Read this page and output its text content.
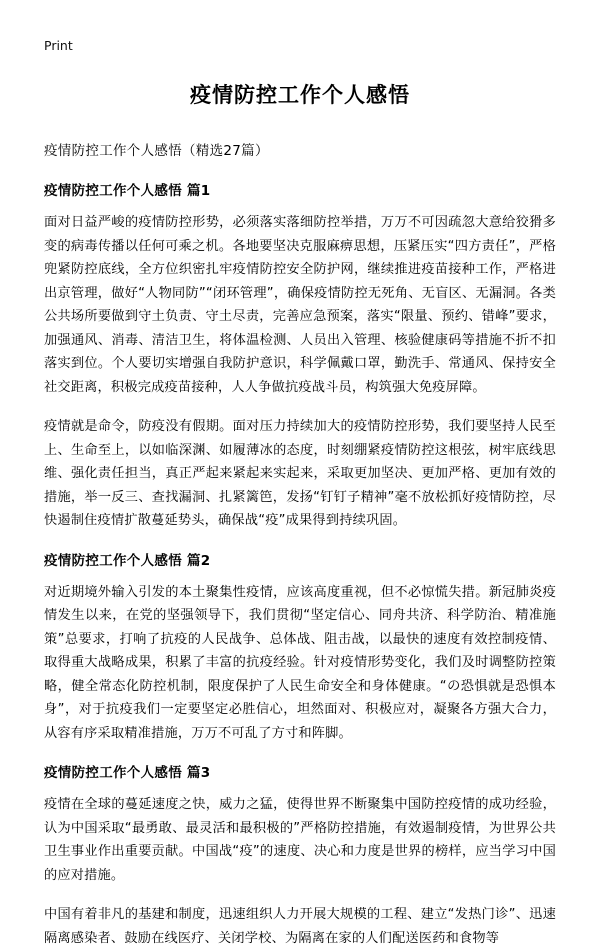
Print
疫情防控工作个人感悟
疫情防控工作个人感悟（精选27篇）
疫情防控工作个人感悟 篇1

面对日益严峻的疫情防控形势，必须落实落细防控举措，万万不可因疏忽大意给狡猾多变的病毒传播以任何可乘之机。各地要坚决克服麻痹思想，压紧压实“四方责任”，严格兜紧防控底线，全方位织密扎牢疫情防控安全防护网，继续推进疫苗接种工作，严格进出京管理，做好“人物同防”“闭环管理”，确保疫情防控无死角、无盲区、无漏洞。各类公共场所要做到守土负责、守土尽责，完善应急预案，落实“限量、预约、错峰”要求，加强通风、消毒、清洁卫生，将体温检测、人员出入管理、核验健康码等措施不折不扣落实到位。个人要切实增强自我防护意识，科学佩戴口罩，勤洗手、常通风、保持安全社交距离，积极完成疫苗接种，人人争做抗疫战斗员，构筑强大免疫屏障。

疫情就是命令，防疫没有假期。面对压力持续加大的疫情防控形势，我们要坚持人民至上、生命至上，以如临深渊、如履薄冰的态度，时刻绷紧疫情防控这根弦，树牢底线思维、强化责任担当，真正严起来紧起来实起来，采取更加坚决、更加严格、更加有效的措施，举一反三、查找漏洞、扎紧篱笆，发扬“钉钉子精神”毫不放松抓好疫情防控，尽快遏制住疫情扩散蔓延势头，确保战“疫”成果得到持续巩固。

疫情防控工作个人感悟 篇2

对近期境外输入引发的本土聚集性疫情，应该高度重视，但不必惊慌失措。新冠肺炎疫情发生以来，在党的坚强领导下，我们贯彻“坚定信心、同舟共济、科学防治、精准施策”总要求，打响了抗疫的人民战争、总体战、阻击战，以最快的速度有效控制疫情、取得重大战略成果，积累了丰富的抗疫经验。针对疫情形势变化，我们及时调整防控策略，健全常态化防控机制，限度保护了人民生命安全和身体健康。“の恐惧就是恐惧本身”，对于抗疫我们一定要坚定必胜信心，坦然面对、积极应对，凝聚各方强大合力，从容有序采取精准措施，万万不可乱了方寸和阵脚。

疫情防控工作个人感悟 篇3

疫情在全球的蔓延速度之快，威力之猛，使得世界不断聚集中国防控疫情的成功经验，认为中国采取“最勇敢、最灵活和最积极的”严格防控措施，有效遏制疫情，为世界公共卫生事业作出重要贡献。中国战“疫”的速度、决心和力度是世界的榜样，应当学习中国的应对措施。

中国有着非凡的基建和制度，迅速组织人力开展大规模的工程、建立“发热门诊”、迅速隔离感染者、鼓励在线医疗、关闭学校、为隔离在家的人们配送医药和食物等
